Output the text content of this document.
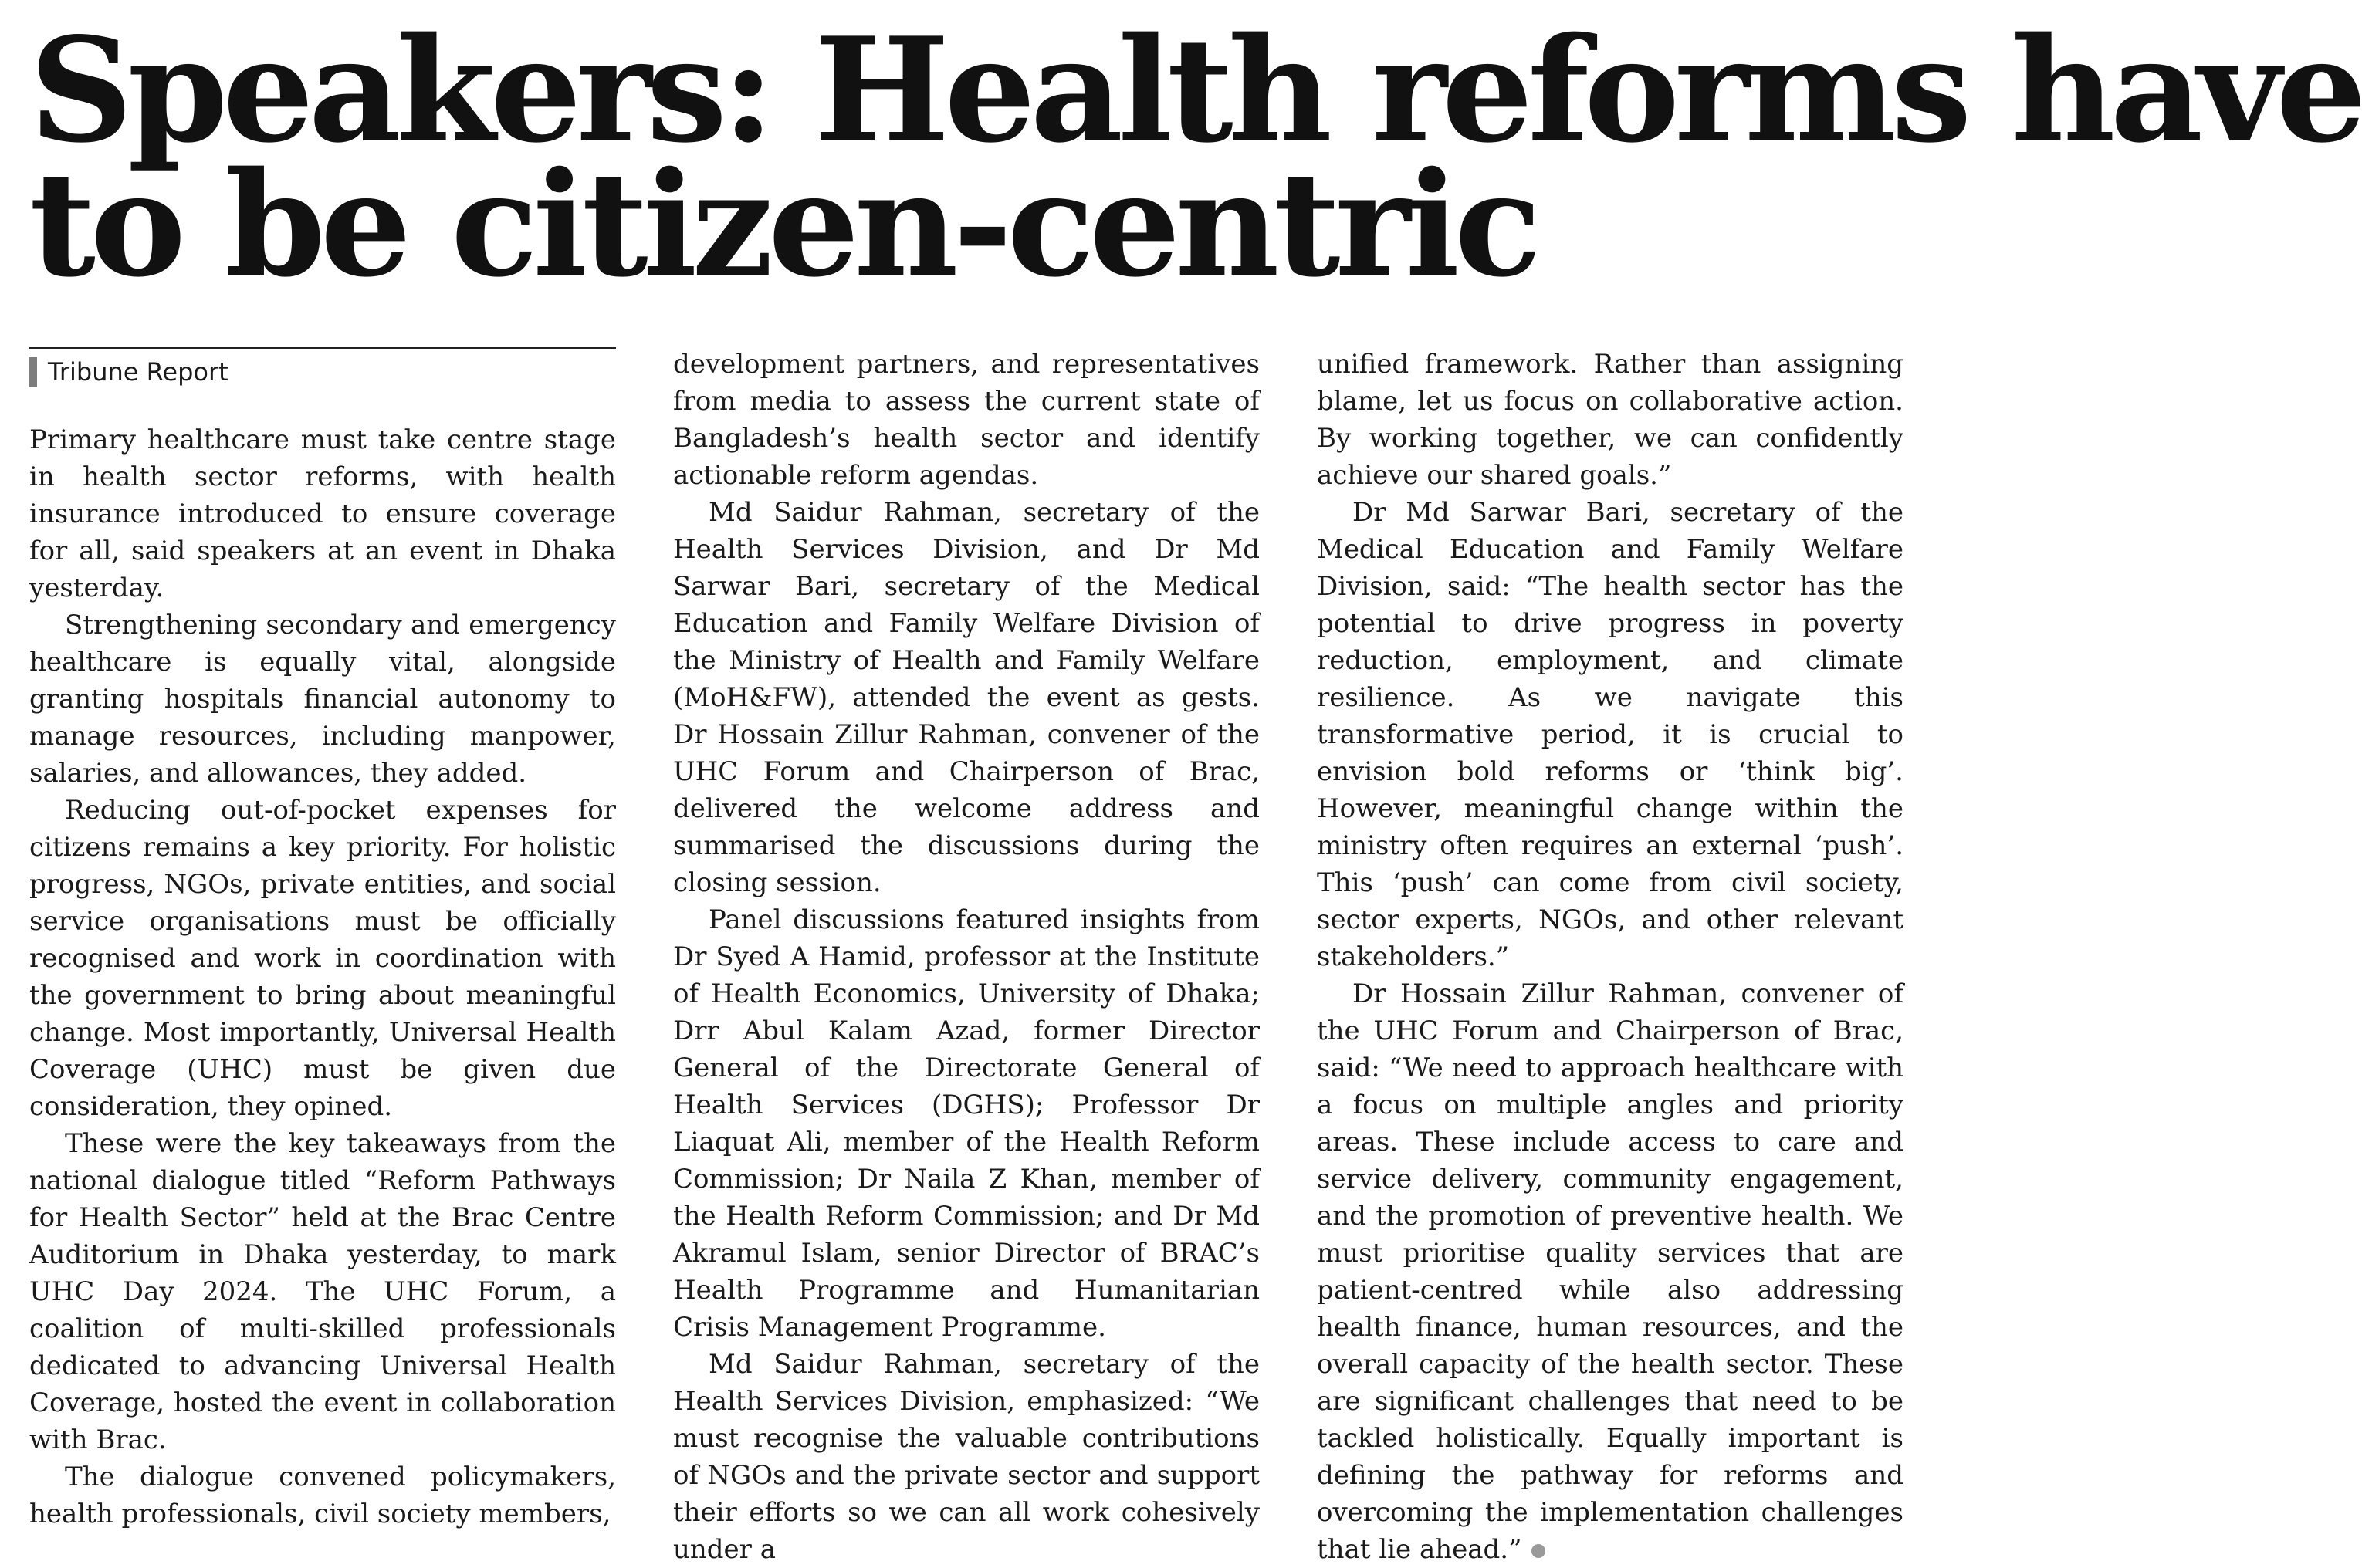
Speakers: Health reforms have
to be citizen-centric
Tribune Report

Primary healthcare must take centre stage in health sector reforms, with health insurance introduced to ensure coverage for all, said speakers at an event in Dhaka yesterday.

Strengthening secondary and emergency healthcare is equally vital, alongside granting hospitals financial autonomy to manage resources, including manpower, salaries, and allowances, they added.

Reducing out-of-pocket expenses for citizens remains a key priority. For holistic progress, NGOs, private entities, and social service organisations must be officially recognised and work in coordination with the government to bring about meaningful change. Most importantly, Universal Health Coverage (UHC) must be given due consideration, they opined.

These were the key takeaways from the national dialogue titled “Reform Pathways for Health Sector” held at the Brac Centre Auditorium in Dhaka yesterday, to mark UHC Day 2024. The UHC Forum, a coalition of multi-skilled professionals dedicated to advancing Universal Health Coverage, hosted the event in collaboration with Brac.

The dialogue convened policymakers, health professionals, civil society members,

development partners, and representatives from media to assess the current state of Bangladesh’s health sector and identify actionable reform agendas.

Md Saidur Rahman, secretary of the Health Services Division, and Dr Md Sarwar Bari, secretary of the Medical Education and Family Welfare Division of the Ministry of Health and Family Welfare (MoH&FW), attended the event as gests. Dr Hossain Zillur Rahman, convener of the UHC Forum and Chairperson of Brac, delivered the welcome address and summarised the discussions during the closing session.

Panel discussions featured insights from Dr Syed A Hamid, professor at the Institute of Health Economics, University of Dhaka; Drr Abul Kalam Azad, former Director General of the Directorate General of Health Services (DGHS); Professor Dr Liaquat Ali, member of the Health Reform Commission; Dr Naila Z Khan, member of the Health Reform Commission; and Dr Md Akramul Islam, senior Director of BRAC’s Health Programme and Humanitarian Crisis Management Programme.

Md Saidur Rahman, secretary of the Health Services Division, emphasized: “We must recognise the valuable contributions of NGOs and the private sector and support their efforts so we can all work cohesively under a

unified framework. Rather than assigning blame, let us focus on collaborative action. By working together, we can confidently achieve our shared goals.”

Dr Md Sarwar Bari, secretary of the Medical Education and Family Welfare Division, said: “The health sector has the potential to drive progress in poverty reduction, employment, and climate resilience. As we navigate this transformative period, it is crucial to envision bold reforms or ‘think big’. However, meaningful change within the ministry often requires an external ‘push’. This ‘push’ can come from civil society, sector experts, NGOs, and other relevant stakeholders.”

Dr Hossain Zillur Rahman, convener of the UHC Forum and Chairperson of Brac, said: “We need to approach healthcare with a focus on multiple angles and priority areas. These include access to care and service delivery, community engagement, and the promotion of preventive health. We must prioritise quality services that are patient-centred while also addressing health finance, human resources, and the overall capacity of the health sector. These are significant challenges that need to be tackled holistically. Equally important is defining the pathway for reforms and overcoming the implementation challenges that lie ahead.”
